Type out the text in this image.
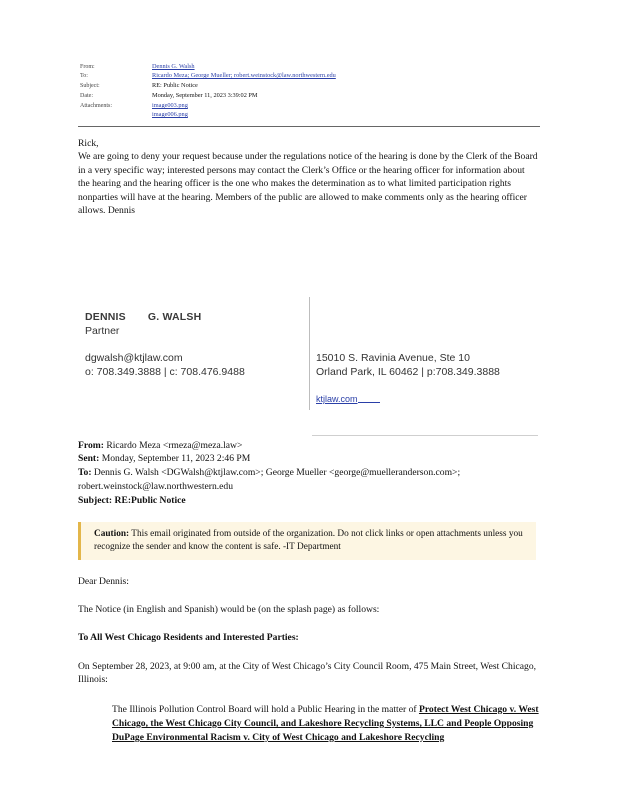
From:	Dennis G. Walsh
To:	Ricardo Meza; George Mueller; robert.weinstock@law.northwestern.edu
Subject:	RE: Public Notice
Date:	Monday, September 11, 2023 3:39:02 PM
Attachments:	image003.png
image006.png

Rick,

We are going to deny your request because under the regulations notice of the hearing is done by the Clerk of the Board in a very specific way; interested persons may contact the Clerk’s Office or the hearing officer for information about the hearing and the hearing officer is the one who makes the determination as to what limited participation rights nonparties will have at the hearing. Members of the public are allowed to make comments only as the hearing officer allows. Dennis

DENNIS G. WALSH
Partner
dgwalsh@ktjlaw.com
o: 708.349.3888 | c: 708.476.9488
15010 S. Ravinia Avenue, Ste 10
Orland Park, IL 60462 | p:708.349.3888
ktjlaw.com
From: Ricardo Meza <rmeza@meza.law>
Sent: Monday, September 11, 2023 2:46 PM
To: Dennis G. Walsh <DGWalsh@ktjlaw.com>; George Mueller <george@muelleranderson.com>;
robert.weinstock@law.northwestern.edu
Subject: RE:Public Notice
Caution: This email originated from outside of the organization. Do not click links or open attachments unless you recognize the sender and know the content is safe. -IT Department
Dear Dennis:
The Notice (in English and Spanish) would be (on the splash page) as follows:
To All West Chicago Residents and Interested Parties:
On September 28, 2023, at 9:00 am, at the City of West Chicago’s City Council Room, 475 Main Street, West Chicago, Illinois:
The Illinois Pollution Control Board will hold a Public Hearing in the matter of Protect West Chicago v. West Chicago, the West Chicago City Council, and Lakeshore Recycling Systems, LLC and People Opposing DuPage Environmental Racism v. City of West Chicago and Lakeshore Recycling
